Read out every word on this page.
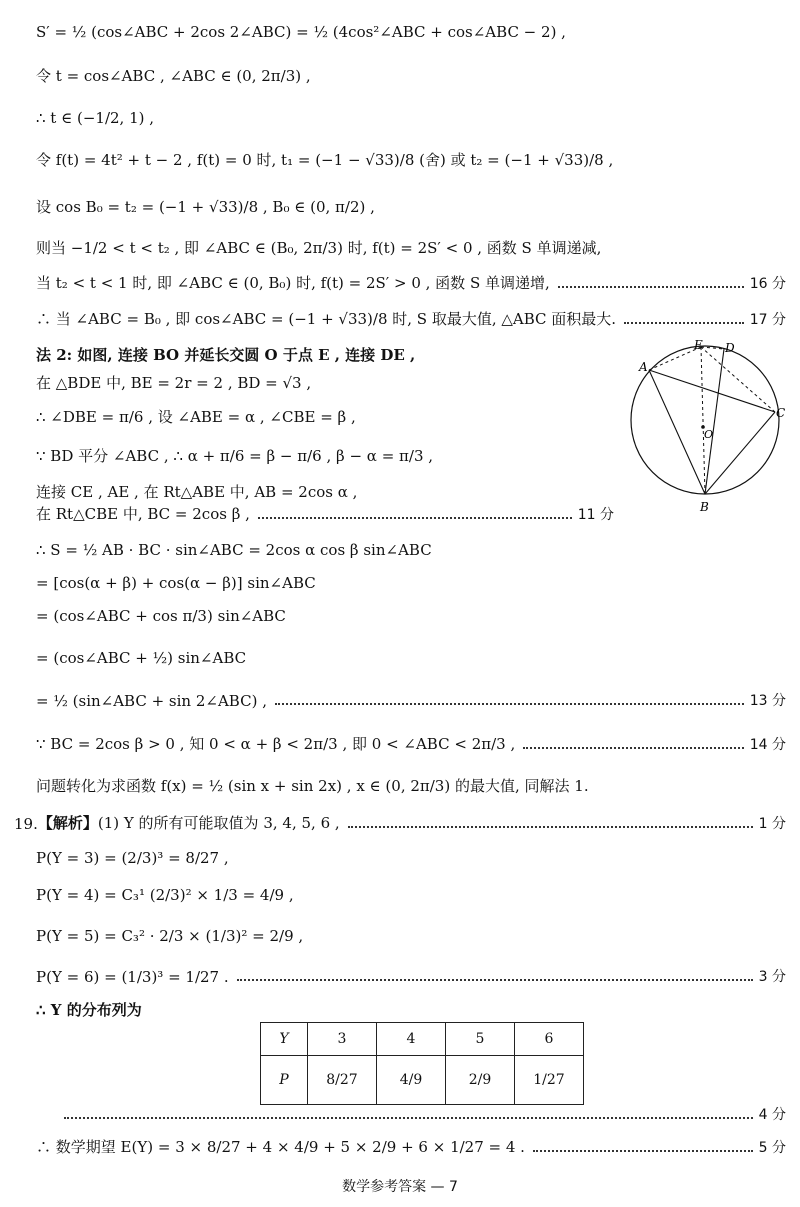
S′ = ½ (cos∠ABC + 2cos 2∠ABC) = ½ (4cos²∠ABC + cos∠ABC − 2) ,
令 t = cos∠ABC , ∠ABC ∈ (0, 2π/3) ,
∴ t ∈ (−1/2, 1) ,
令 f(t) = 4t² + t − 2 , f(t) = 0 时, t₁ = (−1 − √33)/8 (舍) 或 t₂ = (−1 + √33)/8 ,
设 cos B₀ = t₂ = (−1 + √33)/8 , B₀ ∈ (0, π/2) ,
则当 −1/2 < t < t₂ , 即 ∠ABC ∈ (B₀, 2π/3) 时, f(t) = 2S′ < 0 , 函数 S 单调递减,
当 t₂ < t < 1 时, 即 ∠ABC ∈ (0, B₀) 时, f(t) = 2S′ > 0 , 函数 S 单调递增,	16 分
∴ 当 ∠ABC = B₀ , 即 cos∠ABC = (−1 + √33)/8 时, S 取最大值, △ABC 面积最大.	17 分
法 2: 如图, 连接 BO 并延长交圆 O 于点 E , 连接 DE ,
在 △BDE 中, BE = 2r = 2 , BD = √3 ,
∴ ∠DBE = π/6 , 设 ∠ABE = α , ∠CBE = β ,
∵ BD 平分 ∠ABC , ∴ α + π/6 = β − π/6 , β − α = π/3 ,
连接 CE , AE , 在 Rt△ABE 中, AB = 2cos α ,
在 Rt△CBE 中, BC = 2cos β ,	11 分
∴ S = ½ AB · BC · sin∠ABC = 2cos α cos β sin∠ABC
= [cos(α + β) + cos(α − β)] sin∠ABC
= (cos∠ABC + cos π/3) sin∠ABC
= (cos∠ABC + ½) sin∠ABC
= ½ (sin∠ABC + sin 2∠ABC) ,	13 分
∵ BC = 2cos β > 0 , 知 0 < α + β < 2π/3 , 即 0 < ∠ABC < 2π/3 ,	14 分
问题转化为求函数 f(x) = ½ (sin x + sin 2x) , x ∈ (0, 2π/3) 的最大值, 同解法 1.
19. 【解析】 (1) Y 的所有可能取值为 3, 4, 5, 6 ,	1 分
P(Y = 3) = (2/3)³ = 8/27 ,
P(Y = 4) = C₃¹ (2/3)² × 1/3 = 4/9 ,
P(Y = 5) = C₃² · 2/3 × (1/3)² = 2/9 ,
P(Y = 6) = (1/3)³ = 1/27 .	3 分
∴ Y 的分布列为
Y	3	4	5	6
P	8/27	4/9	2/9	1/27
4 分
∴ 数学期望 E(Y) = 3 × 8/27 + 4 × 4/9 + 5 × 2/9 + 6 × 1/27 = 4 .	5 分
A
E D
C
O
B
数学参考答案 — 7
